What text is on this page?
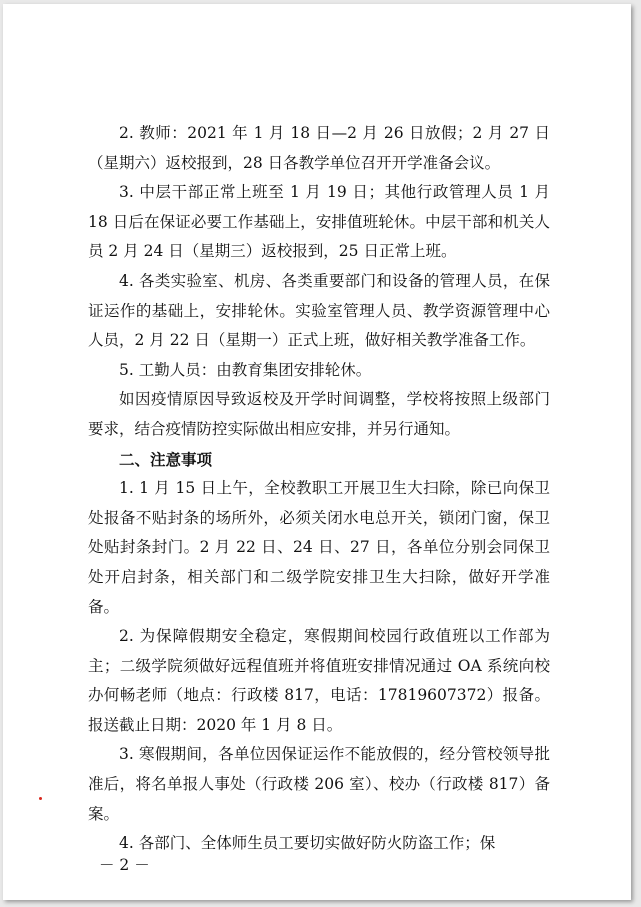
2. 教师：2021 年 1 月 18 日—2 月 26 日放假；2 月 27 日（星期六）返校报到，28 日各教学单位召开开学准备会议。

3. 中层干部正常上班至 1 月 19 日；其他行政管理人员 1 月 18 日后在保证必要工作基础上，安排值班轮休。中层干部和机关人员 2 月 24 日（星期三）返校报到，25 日正常上班。

4. 各类实验室、机房、各类重要部门和设备的管理人员，在保证运作的基础上，安排轮休。实验室管理人员、教学资源管理中心人员，2 月 22 日（星期一）正式上班，做好相关教学准备工作。

5. 工勤人员：由教育集团安排轮休。

如因疫情原因导致返校及开学时间调整，学校将按照上级部门要求，结合疫情防控实际做出相应安排，并另行通知。

二、注意事项

1. 1 月 15 日上午，全校教职工开展卫生大扫除，除已向保卫处报备不贴封条的场所外，必须关闭水电总开关，锁闭门窗，保卫处贴封条封门。2 月 22 日、24 日、27 日，各单位分别会同保卫处开启封条，相关部门和二级学院安排卫生大扫除，做好开学准备。

2. 为保障假期安全稳定，寒假期间校园行政值班以工作部为主；二级学院须做好远程值班并将值班安排情况通过 OA 系统向校办何畅老师（地点：行政楼 817，电话：17819607372）报备。报送截止日期：2020 年 1 月 8 日。

3. 寒假期间，各单位因保证运作不能放假的，经分管校领导批准后，将名单报人事处（行政楼 206 室）、校办（行政楼 817）备案。

4. 各部门、全体师生员工要切实做好防火防盗工作；保

－ 2 －
